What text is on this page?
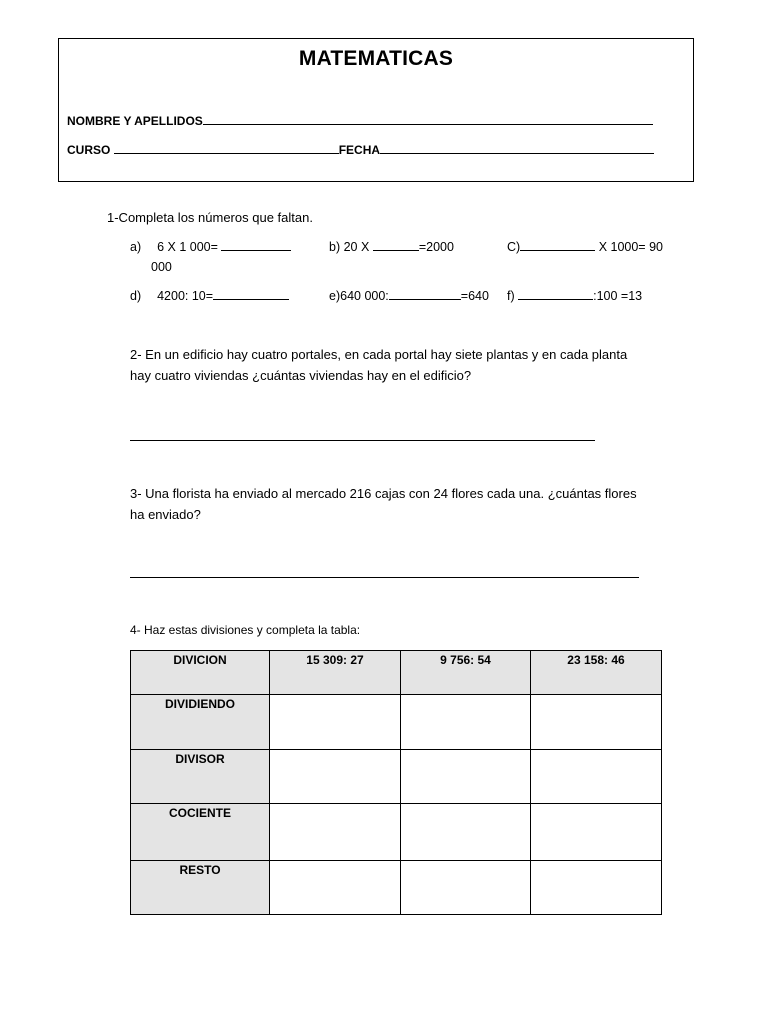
MATEMATICAS
NOMBRE Y APELLIDOS
CURSO	FECHA
1-Completa los números que faltan.
a) 6 X 1 000=
000
b) 20 X	=2000	C)	X 1000= 90
d) 4200: 10=	e)640 000:	=640 f)	:100 =13
2- En un edificio hay cuatro portales, en cada portal hay siete plantas y en cada planta
hay cuatro viviendas ¿cuántas viviendas hay en el edificio?
3- Una florista ha enviado al mercado 216 cajas con 24 flores cada una. ¿cuántas flores
ha enviado?
4- Haz estas divisiones y completa la tabla:
DIVICION	15 309: 27	9 756: 54	23 158: 46
DIVIDIENDO			
DIVISOR			
COCIENTE			
RESTO			
